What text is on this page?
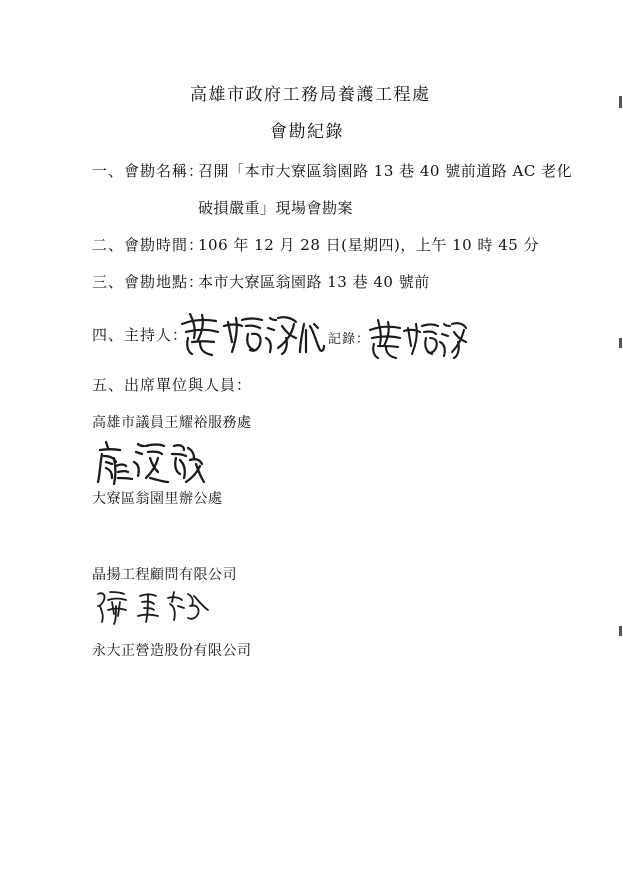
高雄市政府工務局養護工程處
會勘紀錄
一、會勘名稱：
召開「本市大寮區翁園路 13 巷 40 號前道路 AC 老化
破損嚴重」現場會勘案
二、會勘時間：
106 年 12 月 28 日(星期四)，上午 10 時 45 分
三、會勘地點：
本市大寮區翁園路 13 巷 40 號前
四、主持人：	記錄：
五、出席單位與人員：
高雄市議員王耀裕服務處
大寮區翁園里辦公處
晶揚工程顧問有限公司
永大正營造股份有限公司
